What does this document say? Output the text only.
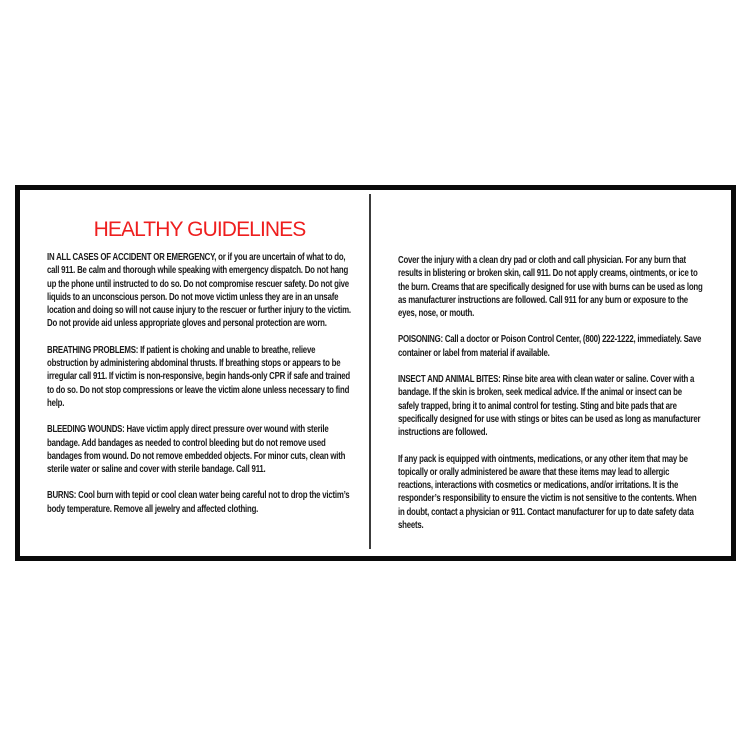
HEALTHY GUIDELINES

IN ALL CASES OF ACCIDENT OR EMERGENCY, or if you are uncertain of what to do, call 911. Be calm and thorough while speaking with emergency dispatch. Do not hang up the phone until instructed to do so. Do not compromise rescuer safety. Do not give liquids to an unconscious person. Do not move victim unless they are in an unsafe location and doing so will not cause injury to the rescuer or further injury to the victim. Do not provide aid unless appropriate gloves and personal protection are worn.

BREATHING PROBLEMS: If patient is choking and unable to breathe, relieve obstruction by administering abdominal thrusts. If breathing stops or appears to be irregular call 911. If victim is non-responsive, begin hands-only CPR if safe and trained to do so. Do not stop compressions or leave the victim alone unless necessary to find help.

BLEEDING WOUNDS: Have victim apply direct pressure over wound with sterile bandage. Add bandages as needed to control bleeding but do not remove used bandages from wound. Do not remove embedded objects. For minor cuts, clean with sterile water or saline and cover with sterile bandage. Call 911.

BURNS: Cool burn with tepid or cool clean water being careful not to drop the victim’s body temperature. Remove all jewelry and affected clothing.

Cover the injury with a clean dry pad or cloth and call physician. For any burn that results in blistering or broken skin, call 911. Do not apply creams, ointments, or ice to the burn. Creams that are specifically designed for use with burns can be used as long as manufacturer instructions are followed. Call 911 for any burn or exposure to the eyes, nose, or mouth.

POISONING: Call a doctor or Poison Control Center, (800) 222-1222, immediately. Save container or label from material if available.

INSECT AND ANIMAL BITES: Rinse bite area with clean water or saline. Cover with a bandage. If the skin is broken, seek medical advice. If the animal or insect can be safely trapped, bring it to animal control for testing. Sting and bite pads that are specifically designed for use with stings or bites can be used as long as manufacturer instructions are followed.

If any pack is equipped with ointments, medications, or any other item that may be topically or orally administered be aware that these items may lead to allergic reactions, interactions with cosmetics or medications, and/or irritations. It is the responder’s responsibility to ensure the victim is not sensitive to the contents. When in doubt, contact a physician or 911. Contact manufacturer for up to date safety data sheets.
